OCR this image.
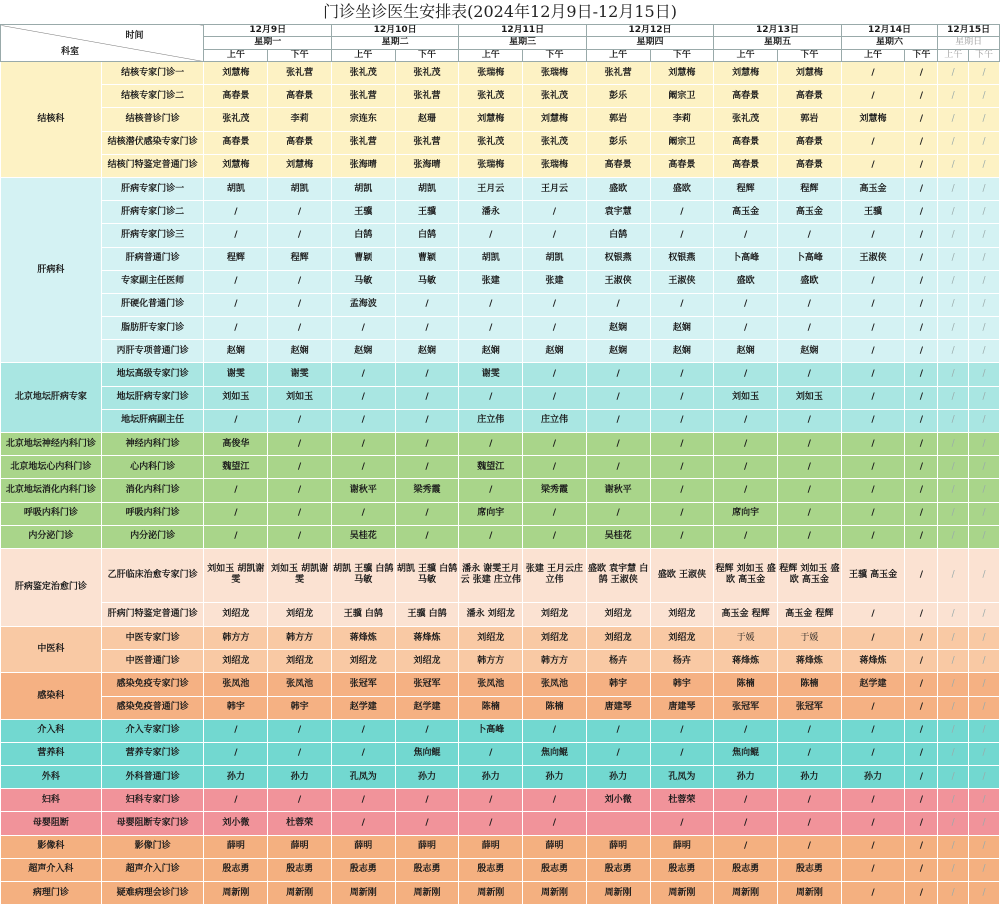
门诊坐诊医生安排表(2024年12月9日-12月15日)
科室
时间		12月9日		12月10日		12月11日		12月12日		12月13日		12月14日		12月15日	
		星期一		星期二		星期三		星期四		星期五		星期六		星期日	
		上午	下午	上午	下午	上午	下午	上午	下午	上午	下午	上午	下午	上午	下午
结核科	结核专家门诊一	刘慧梅	张礼营	张礼茂	张礼茂	张瑞梅	张瑞梅	张礼营	刘慧梅	刘慧梅	刘慧梅	/	/	/	/
	结核专家门诊二	高春景	高春景	张礼营	张礼营	张礼茂	张礼茂	彭乐	阚宗卫	高春景	高春景	/	/	/	/
	结核普诊门诊	张礼茂	李莉	宗连东	赵珊	刘慧梅	刘慧梅	郭岩	李莉	张礼茂	郭岩	刘慧梅	/	/	/
	结核潜伏感染专家门诊	高春景	高春景	张礼营	张礼营	张礼茂	张礼茂	彭乐	阚宗卫	高春景	高春景	/	/	/	/
	结核门特鉴定普通门诊	刘慧梅	刘慧梅	张海晴	张海晴	张瑞梅	张瑞梅	高春景	高春景	高春景	高春景	/	/	/	/
肝病科	肝病专家门诊一	胡凯	胡凯	胡凯	胡凯	王月云	王月云	盛欧	盛欧	程辉	程辉	高玉金	/	/	/
	肝病专家门诊二	/	/	王骥	王骥	潘永	/	袁宇慧	/	高玉金	高玉金	王骥	/	/	/
	肝病专家门诊三	/	/	白鹄	白鹄	/	/	白鹄	/	/	/	/	/	/	/
	肝病普通门诊	程辉	程辉	曹颖	曹颖	胡凯	胡凯	权银燕	权银燕	卜高峰	卜高峰	王淑侠	/	/	/
	专家副主任医师	/	/	马敏	马敏	张建	张建	王淑侠	王淑侠	盛欧	盛欧	/	/	/	/
	肝硬化普通门诊	/	/	孟海波	/	/	/	/	/	/	/	/	/	/	/
	脂肪肝专家门诊	/	/	/	/	/	/	赵娴	赵娴	/	/	/	/	/	/
	丙肝专项普通门诊	赵娴	赵娴	赵娴	赵娴	赵娴	赵娴	赵娴	赵娴	赵娴	赵娴	/	/	/	/
北京地坛肝病专家	地坛高级专家门诊	谢雯	谢雯	/	/	谢雯	/	/	/	/	/	/	/	/	/
	地坛肝病专家门诊	刘如玉	刘如玉	/	/	/	/	/	/	刘如玉	刘如玉	/	/	/	/
	地坛肝病副主任	/	/	/	/	庄立伟	庄立伟	/	/	/	/	/	/	/	/
北京地坛神经内科门诊	神经内科门诊	高俊华	/	/	/	/	/	/	/	/	/	/	/	/	/
北京地坛心内科门诊	心内科门诊	魏望江	/	/	/	魏望江	/	/	/	/	/	/	/	/	/
北京地坛消化内科门诊	消化内科门诊	/	/	谢秋平	梁秀霞	/	梁秀霞	谢秋平	/	/	/	/	/	/	/
呼吸内科门诊	呼吸内科门诊	/	/	/	/	席向宇	/	/	/	席向宇	/	/	/	/	/
内分泌门诊	内分泌门诊	/	/	吴桂花	/	/	/	吴桂花	/	/	/	/	/	/	/
肝病鉴定治愈门诊	乙肝临床治愈专家门诊	刘如玉 胡凯谢雯	刘如玉 胡凯谢雯	胡凯 王骥 白鹄 马敏	胡凯 王骥 白鹄 马敏	潘永 谢雯王月云 张建 庄立伟	张建 王月云庄立伟	盛欧 袁宇慧 白鹄 王淑侠	盛欧 王淑侠	程辉 刘如玉 盛欧 高玉金	程辉 刘如玉 盛欧 高玉金	王骥 高玉金	/	/	/
	肝病门特鉴定普通门诊	刘绍龙	刘绍龙	王骥 白鹄	王骥 白鹄	潘永 刘绍龙	刘绍龙	刘绍龙	刘绍龙	高玉金 程辉	高玉金 程辉	/	/	/	/
中医科	中医专家门诊	韩方方	韩方方	蒋烽炼	蒋烽炼	刘绍龙	刘绍龙	刘绍龙	刘绍龙	于媛	于媛	/	/	/	/
	中医普通门诊	刘绍龙	刘绍龙	刘绍龙	刘绍龙	韩方方	韩方方	杨卉	杨卉	蒋烽炼	蒋烽炼	蒋烽炼	/	/	/
感染科	感染免疫专家门诊	张凤池	张凤池	张冠军	张冠军	张凤池	张凤池	韩宇	韩宇	陈楠	陈楠	赵学建	/	/	/
	感染免疫普通门诊	韩宇	韩宇	赵学建	赵学建	陈楠	陈楠	唐建琴	唐建琴	张冠军	张冠军	/	/	/	/
介入科	介入专家门诊	/	/	/	/	卜高峰	/	/	/	/	/	/	/	/	/
营养科	营养专家门诊	/	/	/	焦向鲲	/	焦向鲲	/	/	焦向鲲	/	/	/	/	/
外科	外科普通门诊	孙力	孙力	孔凤为	孙力	孙力	孙力	孙力	孔凤为	孙力	孙力	孙力	/	/	/
妇科	妇科专家门诊	/	/	/	/	/	/	刘小微	杜蓉荣	/	/	/	/	/	/
母婴阻断	母婴阻断专家门诊	刘小微	杜蓉荣	/	/	/	/		/	/	/	/	/	/	/
影像科	影像门诊	薛明	薛明	薛明	薛明	薛明	薛明	薛明	薛明	/	/	/	/	/	/
超声介入科	超声介入门诊	殷志勇	殷志勇	殷志勇	殷志勇	殷志勇	殷志勇	殷志勇	殷志勇	殷志勇	殷志勇	/	/	/	/
病理门诊	疑难病理会诊门诊	周新刚	周新刚	周新刚	周新刚	周新刚	周新刚	周新刚	周新刚	周新刚	周新刚	/	/	/	/
